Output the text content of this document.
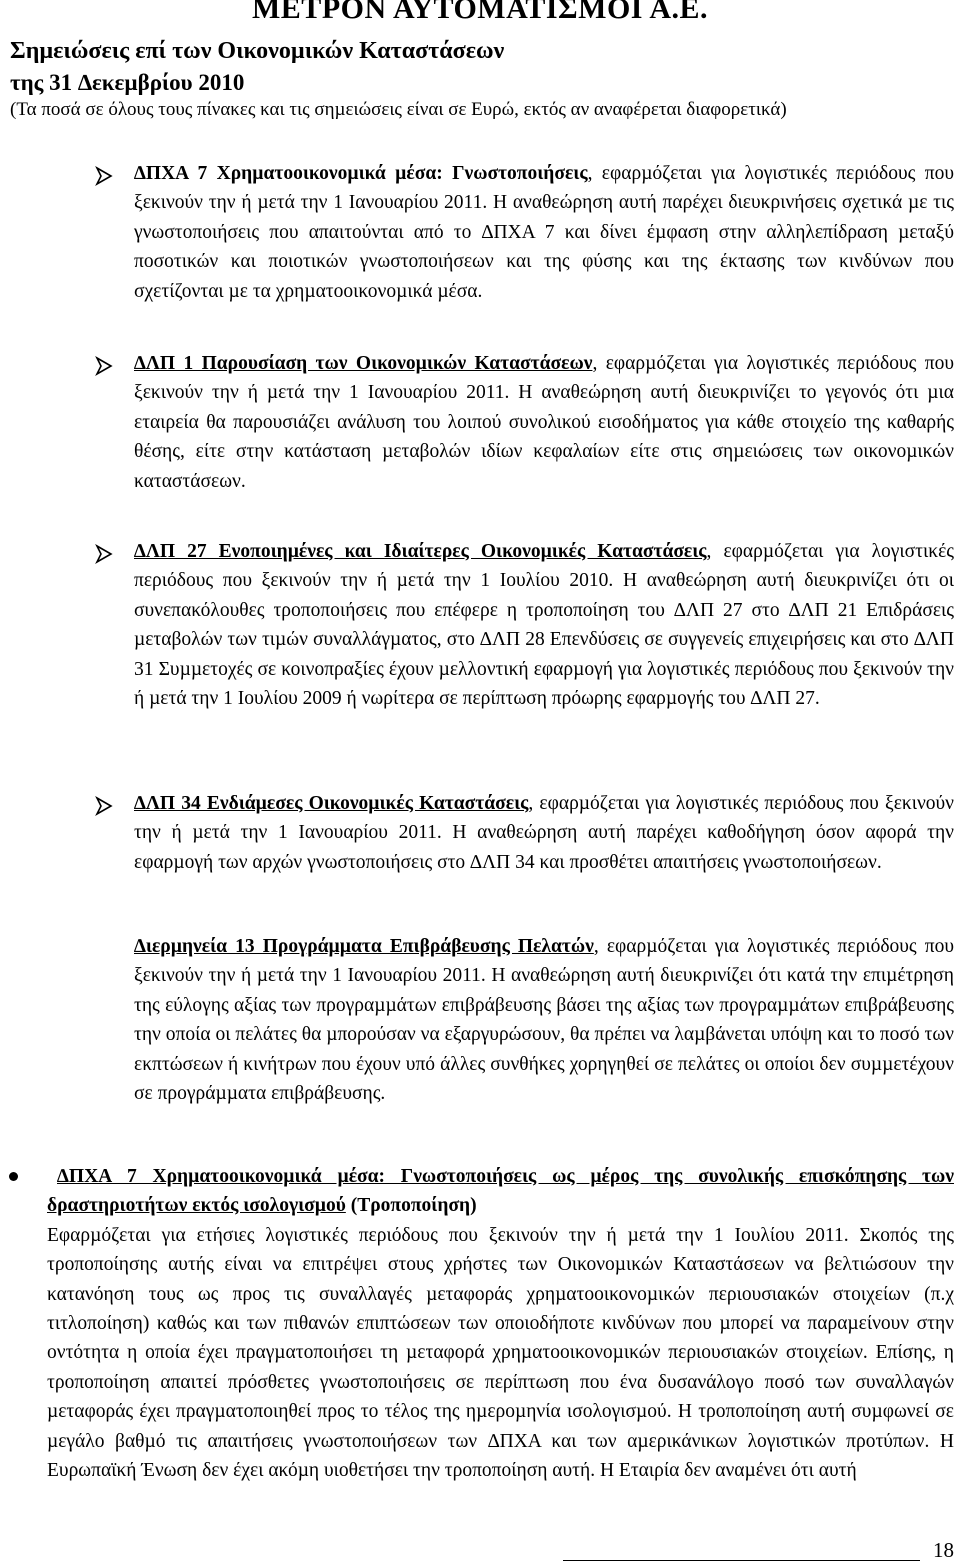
ΜΕΤΡΟΝ ΑΥΤΟΜΑΤΙΣΜΟΙ Α.Ε.
Σηµειώσεις επί των Οικονοµικών Καταστάσεων
της 31 ∆εκεµβρίου 2010
(Τα ποσά σε όλους τους πίνακες και τις σηµειώσεις είναι σε Ευρώ, εκτός αν αναφέρεται διαφορετικά)

∆ΠΧΑ 7 Χρηµατοοικονοµικά µέσα: Γνωστοποιήσεις, εφαρµόζεται για λογιστικές περιόδους που ξεκινούν την ή µετά την 1 Ιανουαρίου 2011. Η αναθεώρηση αυτή παρέχει διευκρινήσεις σχετικά µε τις γνωστοποιήσεις που απαιτούνται από το ∆ΠΧΑ 7 και δίνει έµφαση στην αλληλεπίδραση µεταξύ ποσοτικών και ποιοτικών γνωστοποιήσεων και της φύσης και της έκτασης των κινδύνων που σχετίζονται µε τα χρηµατοοικονοµικά µέσα.

∆ΛΠ 1 Παρουσίαση των Οικονοµικών Καταστάσεων, εφαρµόζεται για λογιστικές περιόδους που ξεκινούν την ή µετά την 1 Ιανουαρίου 2011. Η αναθεώρηση αυτή διευκρινίζει το γεγονός ότι µια εταιρεία θα παρουσιάζει ανάλυση του λοιπού συνολικού εισοδήµατος για κάθε στοιχείο της καθαρής θέσης, είτε στην κατάσταση µεταβολών ιδίων κεφαλαίων είτε στις σηµειώσεις των οικονοµικών καταστάσεων.

∆ΛΠ 27 Ενοποιηµένες και Ιδιαίτερες Οικονοµικές Καταστάσεις, εφαρµόζεται για λογιστικές περιόδους που ξεκινούν την ή µετά την 1 Ιουλίου 2010. Η αναθεώρηση αυτή διευκρινίζει ότι οι συνεπακόλουθες τροποποιήσεις που επέφερε η τροποποίηση του ∆ΛΠ 27 στο ∆ΛΠ 21 Επιδράσεις µεταβολών των τιµών συναλλάγµατος, στο ∆ΛΠ 28 Επενδύσεις σε συγγενείς επιχειρήσεις και στο ∆ΛΠ 31 Συµµετοχές σε κοινοπραξίες έχουν µελλοντική εφαρµογή για λογιστικές περιόδους που ξεκινούν την ή µετά την 1 Ιουλίου 2009 ή νωρίτερα σε περίπτωση πρόωρης εφαρµογής του ∆ΛΠ 27.

∆ΛΠ 34 Ενδιάµεσες Οικονοµικές Καταστάσεις, εφαρµόζεται για λογιστικές περιόδους που ξεκινούν την ή µετά την 1 Ιανουαρίου 2011. Η αναθεώρηση αυτή παρέχει καθοδήγηση όσον αφορά την εφαρµογή των αρχών γνωστοποιήσεις στο ∆ΛΠ 34 και προσθέτει απαιτήσεις γνωστοποιήσεων.

∆ιερµηνεία 13 Προγράµµατα Επιβράβευσης Πελατών, εφαρµόζεται για λογιστικές περιόδους που ξεκινούν την ή µετά την 1 Ιανουαρίου 2011. Η αναθεώρηση αυτή διευκρινίζει ότι κατά την επιµέτρηση της εύλογης αξίας των προγραµµάτων επιβράβευσης βάσει της αξίας των προγραµµάτων επιβράβευσης την οποία οι πελάτες θα µπορούσαν να εξαργυρώσουν, θα πρέπει να λαµβάνεται υπόψη και το ποσό των εκπτώσεων ή κινήτρων που έχουν υπό άλλες συνθήκες χορηγηθεί σε πελάτες οι οποίοι δεν συµµετέχουν σε προγράµµατα επιβράβευσης.

∆ΠΧΑ 7 Χρηµατοοικονοµικά µέσα: Γνωστοποιήσεις ως µέρος της συνολικής επισκόπησης των δραστηριοτήτων εκτός ισολογισµού (Τροποποίηση)

Εφαρµόζεται για ετήσιες λογιστικές περιόδους που ξεκινούν την ή µετά την 1 Ιουλίου 2011. Σκοπός της τροποποίησης αυτής είναι να επιτρέψει στους χρήστες των Οικονοµικών Καταστάσεων να βελτιώσουν την κατανόηση τους ως προς τις συναλλαγές µεταφοράς χρηµατοοικονοµικών περιουσιακών στοιχείων (π.χ τιτλοποίηση) καθώς και των πιθανών επιπτώσεων των οποιοδήποτε κινδύνων που µπορεί να παραµείνουν στην οντότητα η οποία έχει πραγµατοποιήσει τη µεταφορά χρηµατοοικονοµικών περιουσιακών στοιχείων. Επίσης, η τροποποίηση απαιτεί πρόσθετες γνωστοποιήσεις σε περίπτωση που ένα δυσανάλογο ποσό των συναλλαγών µεταφοράς έχει πραγµατοποιηθεί προς το τέλος της ηµεροµηνία ισολογισµού. Η τροποποίηση αυτή συµφωνεί σε µεγάλο βαθµό τις απαιτήσεις γνωστοποιήσεων των ∆ΠΧΑ και των αµερικάνικων λογιστικών προτύπων. Η Ευρωπαϊκή Ένωση δεν έχει ακόµη υιοθετήσει την τροποποίηση αυτή. Η Εταιρία δεν αναµένει ότι αυτή

18
